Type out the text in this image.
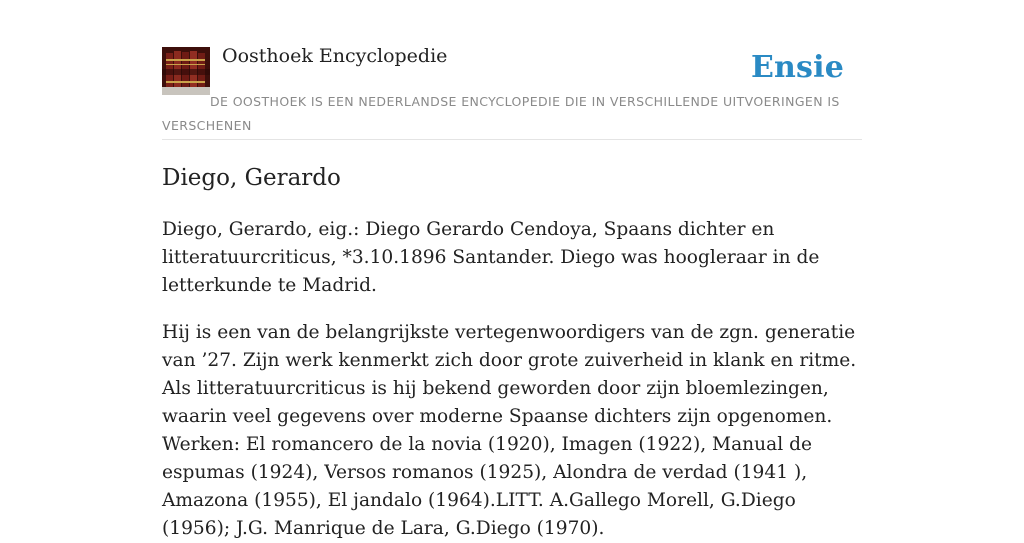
Oosthoek Encyclopedie	Ensie
DE OOSTHOEK IS EEN NEDERLANDSE ENCYCLOPEDIE DIE IN VERSCHILLENDE UITVOERINGEN IS VERSCHENEN
Diego, Gerardo

Diego, Gerardo, eig.: Diego Gerardo Cendoya, Spaans dichter en litteratuurcriticus, *3.10.1896 Santander. Diego was hoogleraar in de letterkunde te Madrid.

Hij is een van de belangrijkste vertegenwoordigers van de zgn. generatie van ’27. Zijn werk kenmerkt zich door grote zuiverheid in klank en ritme. Als litteratuurcriticus is hij bekend geworden door zijn bloemlezingen, waarin veel gegevens over moderne Spaanse dichters zijn opgenomen. Werken: El romancero de la novia (1920), Imagen (1922), Manual de espumas (1924), Versos romanos (1925), Alondra de verdad (1941 ), Amazona (1955), El jandalo (1964).LITT. A.Gallego Morell, G.Diego (1956); J.G. Manrique de Lara, G.Diego (1970).
